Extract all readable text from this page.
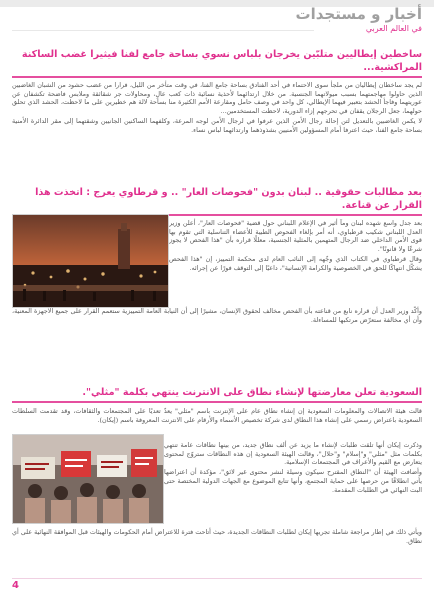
أخبار و مستجدات
في العالم العربي
ساخطين إيطاليين متلبّين يخرجان بلباس نسوي بساحة جامع لفنا فيثيرا غضب الساكنة المراكشية...

لم يجد ساخطان إيطاليان من ملجأ سوى الاحتماء في أحد الفنادق بساحة جامع الفنا، في وقت متأخر من الليل، فرارا من غضب حشود من الشبان الغاضبين الذين حاولوا مهاجمتهما بسبب ميولاتهما الجنسية. من خلال ارتدائهما لأحذية نسائية ذات كعب عالٍ، ومحاولات جر شقائقة وملابس فاضحة تكشفان عن عوريتهما وفاجأ الحشد بتعبير فيهما الإيطالي، كل واحد في وصف حامل ومقارعة الأمم الكثيرة منا بساحة لالة هم خطيرين على ما لاحظت، الحشد الذي تحلق حولهما، جعل الرجلان يقفان في تحرجهم إزاء الدورية، لاحظت المستخدمين...

لا يكمن الغاضبين بالتعديل لتن إحالة رجال الأمن الذين عرفوا في لرجال الأمن لوجه المرعة، وكلفهما الساكنين الجانيين وشقتهما إلى مقر الدائرة الأمنية بساحة جامع الفنا، حيث اعترفا أمام المسؤولين الأمنيين بشذوذهما وارتدائهما لباس نساء.

بعد مطالبات حقوقية .. لبنان بدون "فحوصات العار" .. و قرطاوي يعرج : اتخذت هذا القرار عن قناعة.

بعد جدل واسع شهده لبنان ومآ أثير في الإعلام اللبناني حول قضية "فحوصات العار"، أعلن وزير العدل اللبناني شكيب قرطباوي، أنه أمر بإلغاء الفحوص الطبية للأعضاء التناسلية التي تقوم بها قوى الأمن الداخلي ضد الرجال المتهمين بالمثلية الجنسية، معللًا قراره بأن "هذا الفحص لا يجوز شرعًا ولا قانونًا".

وقال قرطباوي في الكتاب الذي وجّهه إلى النائب العام لدى محكمة التمييز، إن "هذا الفحص يشكّل انتهاكًا للحق في الخصوصية والكرامة الإنسانية"، داعيًا إلى التوقف فورًا عن إجرائه.

وأكّد وزير العدل أن قراره نابع من قناعته بأن الفحص مخالف لحقوق الإنسان، مشيرًا إلى أن النيابة العامة التمييزية ستعمم القرار على جميع الأجهزة المعنية، وأن أي مخالفة ستعرّض مرتكبها للمساءلة.

السعودية تعلن معارضتها لإنشاء نطاق على الانترنت ينتهي بكلمة "مثلي".

قالت هيئة الاتصالات والمعلومات السعودية إن إنشاء نطاق عام على الإنترنت باسم "مثلي" يعدّ تعديًا على المجتمعات والثقافات، وقد تقدمت السلطات السعودية باعتراض رسمي على إنشاء هذا النطاق لدى شركة تخصيص الأسماء والأرقام على الانترنت المعروفة باسم (إيكان).

وذكرت إيكان أنها تلقت طلبات لإنشاء ما يزيد عن ألف نطاق جديد، من بينها نطاقات عامة تنتهي بكلمات مثل "مثلي" و"إسلام" و"حلال"، وقالت الهيئة السعودية إن هذه النطاقات ستروّج لمحتوى يتعارض مع القيم والأعراف في المجتمعات الإسلامية.

وأضافت الهيئة أن "النطاق المقترح سيكون وسيلة لنشر محتوى غير لائق"، مؤكدة أن اعتراضها يأتي انطلاقًا من حرصها على حماية المجتمع، وأنها تتابع الموضوع مع الجهات الدولية المختصة حتى البت النهائي في الطلبات المقدمة.

ويأتي ذلك في إطار مراجعة شاملة تجريها إيكان لطلبات النطاقات الجديدة، حيث أتاحت فترة للاعتراض أمام الحكومات والهيئات قبل الموافقة النهائية على أي نطاق.

4
